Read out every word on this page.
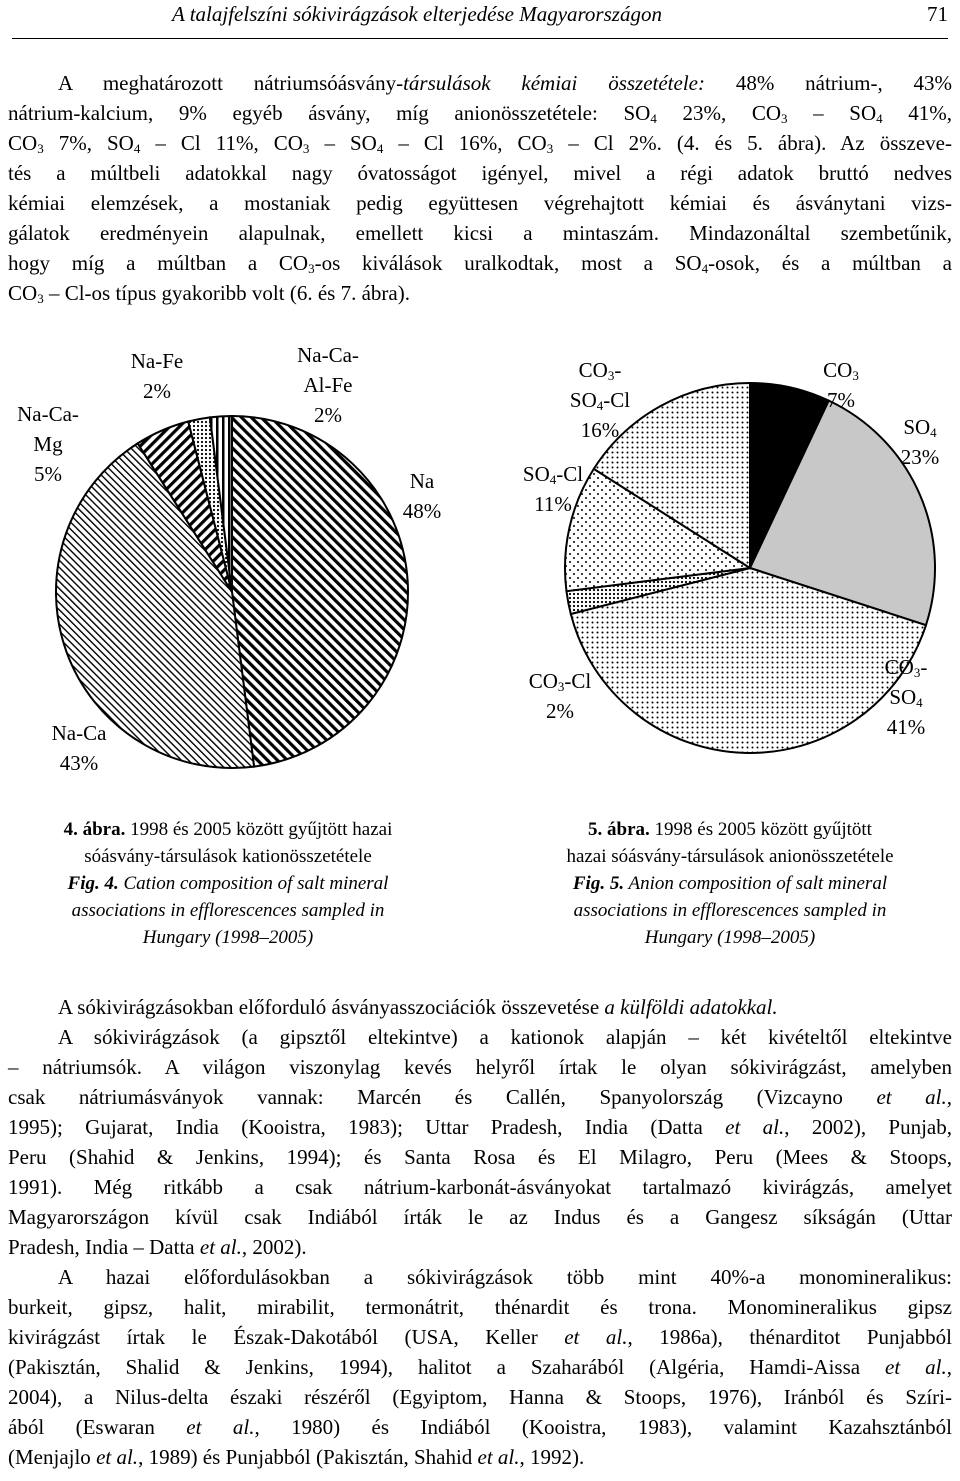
A talajfelszíni sókivirágzások elterjedése Magyarországon	71
A meghatározott nátriumsóásvány-társulások kémiai összetétele: 48% nátrium-, 43%
nátrium-kalcium, 9% egyéb ásvány, míg anionösszetétele: $SO_4$ 23%, $CO_3 - SO_4$ 41%,
$CO_3$ 7%, $SO_4$ – Cl 11%, $CO_3 - SO_4$ – Cl 16%, $CO_3$ – Cl 2%. (4. és 5. ábra). Az összeve-
tés a múltbeli adatokkal nagy óvatosságot igényel, mivel a régi adatok bruttó nedves
kémiai elemzések, a mostaniak pedig együttesen végrehajtott kémiai és ásványtani vizs-
gálatok eredményein alapulnak, emellett kicsi a mintaszám. Mindazonáltal szembetűnik,
hogy míg a múltban a $CO_3-os$ kiválások uralkodtak, most a $SO_4$-osok, és a múltban a
$CO_3 - Cl-os$ típus gyakoribb volt (6. és 7. ábra).
Na-Ca-
Mg
5%
Na-Fe
2%
Na-Ca-
Al-Fe
2%
Na
48%
Na-Ca
43%
$CO_3-$
$SO_4-Cl$
16%
$SO_4-Cl$
11%
$CO_3$
7%
$SO_4$
23%
$CO_3-Cl$
2%
$CO_3-$
$SO_4$
41%
4. ábra. 1998 és 2005 között gyűjtött hazai
sóásvány-társulások kationösszetétele
Fig. 4. Cation composition of salt mineral
associations in efflorescences sampled in
Hungary (1998–2005)
5. ábra. 1998 és 2005 között gyűjtött
hazai sóásvány-társulások anionösszetétele
Fig. 5. Anion composition of salt mineral
associations in efflorescences sampled in
Hungary (1998–2005)
A sókivirágzásokban előforduló ásványasszociációk összevetése a külföldi adatokkal.
A sókivirágzások (a gipsztől eltekintve) a kationok alapján – két kivételtől eltekintve
– nátriumsók. A világon viszonylag kevés helyről írtak le olyan sókivirágzást, amelyben
csak nátriumásványok vannak: Marcén és Callén, Spanyolország (Vizcayno et al.,
1995); Gujarat, India (Kooistra, 1983); Uttar Pradesh, India (Datta et al., 2002), Punjab,
Peru (Shahid & Jenkins, 1994); és Santa Rosa és El Milagro, Peru (Mees & Stoops,
1991). Még ritkább a csak nátrium-karbonát-ásványokat tartalmazó kivirágzás, amelyet
Magyarországon kívül csak Indiából írták le az Indus és a Gangesz síkságán (Uttar
Pradesh, India – Datta et al., 2002).
A hazai előfordulásokban a sókivirágzások több mint 40%-a monomineralikus:
burkeit, gipsz, halit, mirabilit, termonátrit, thénardit és trona. Monomineralikus gipsz
kivirágzást írtak le Észak-Dakotából (USA, Keller et al., 1986a), thénarditot Punjabból
(Pakisztán, Shalid & Jenkins, 1994), halitot a Szaharából (Algéria, Hamdi-Aissa et al.,
2004), a Nilus-delta északi részéről (Egyiptom, Hanna & Stoops, 1976), Iránból és Szíri-
ából (Eswaran et al., 1980) és Indiából (Kooistra, 1983), valamint Kazahsztánból
(Menjajlo et al., 1989) és Punjabból (Pakisztán, Shahid et al., 1992).
